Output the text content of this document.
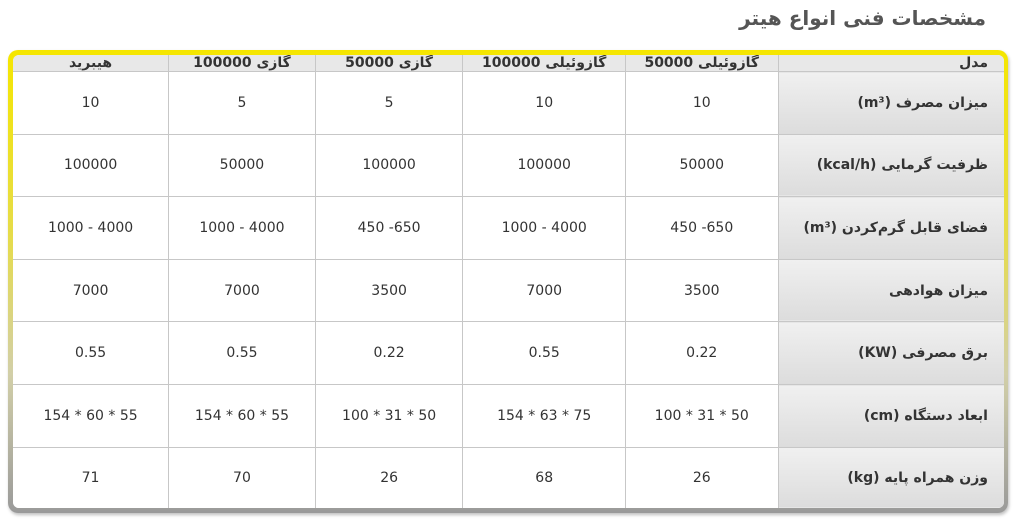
مشخصات فنی انواع هیتر
مدل	گازوئیلی 50000	گازوئیلی 100000	گازی 50000	گازی 100000	هیبرید
میزان مصرف (m³)	10	10	5	5	10
ظرفیت گرمایی (kcal/h)	50000	100000	100000	50000	100000
فضای قابل گرم‌کردن (m³)	450 -650	1000 - 4000	450 -650	1000 - 4000	1000 - 4000
میزان هوادهی	3500	7000	3500	7000	7000
برق مصرفی (KW)	0.22	0.55	0.22	0.55	0.55
ابعاد دستگاه (cm)	100 * 31 * 50	154 * 63 * 75	100 * 31 * 50	154 * 60 * 55	154 * 60 * 55
وزن همراه پایه (kg)	26	68	26	70	71
